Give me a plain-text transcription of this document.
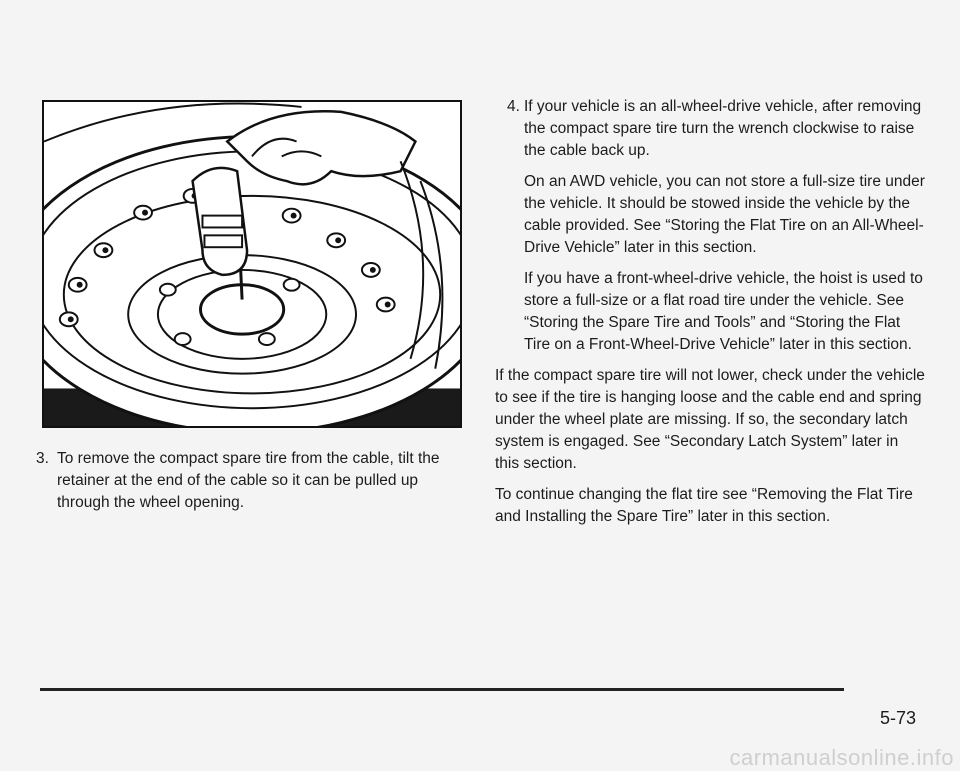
3. To remove the compact spare tire from the cable, tilt the retainer at the end of the cable so it can be pulled up through the wheel opening.
4. If your vehicle is an all-wheel-drive vehicle, after removing the compact spare tire turn the wrench clockwise to raise the cable back up.
On an AWD vehicle, you can not store a full-size tire under the vehicle. It should be stowed inside the vehicle by the cable provided. See “Storing the Flat Tire on an All-Wheel-Drive Vehicle” later in this section.
If you have a front-wheel-drive vehicle, the hoist is used to store a full-size or a flat road tire under the vehicle. See “Storing the Spare Tire and Tools” and “Storing the Flat Tire on a Front-Wheel-Drive Vehicle” later in this section.
If the compact spare tire will not lower, check under the vehicle to see if the tire is hanging loose and the cable end and spring under the wheel plate are missing. If so, the secondary latch system is engaged. See “Secondary Latch System” later in this section.
To continue changing the flat tire see “Removing the Flat Tire and Installing the Spare Tire” later in this section.
5-73
carmanualsonline.info
